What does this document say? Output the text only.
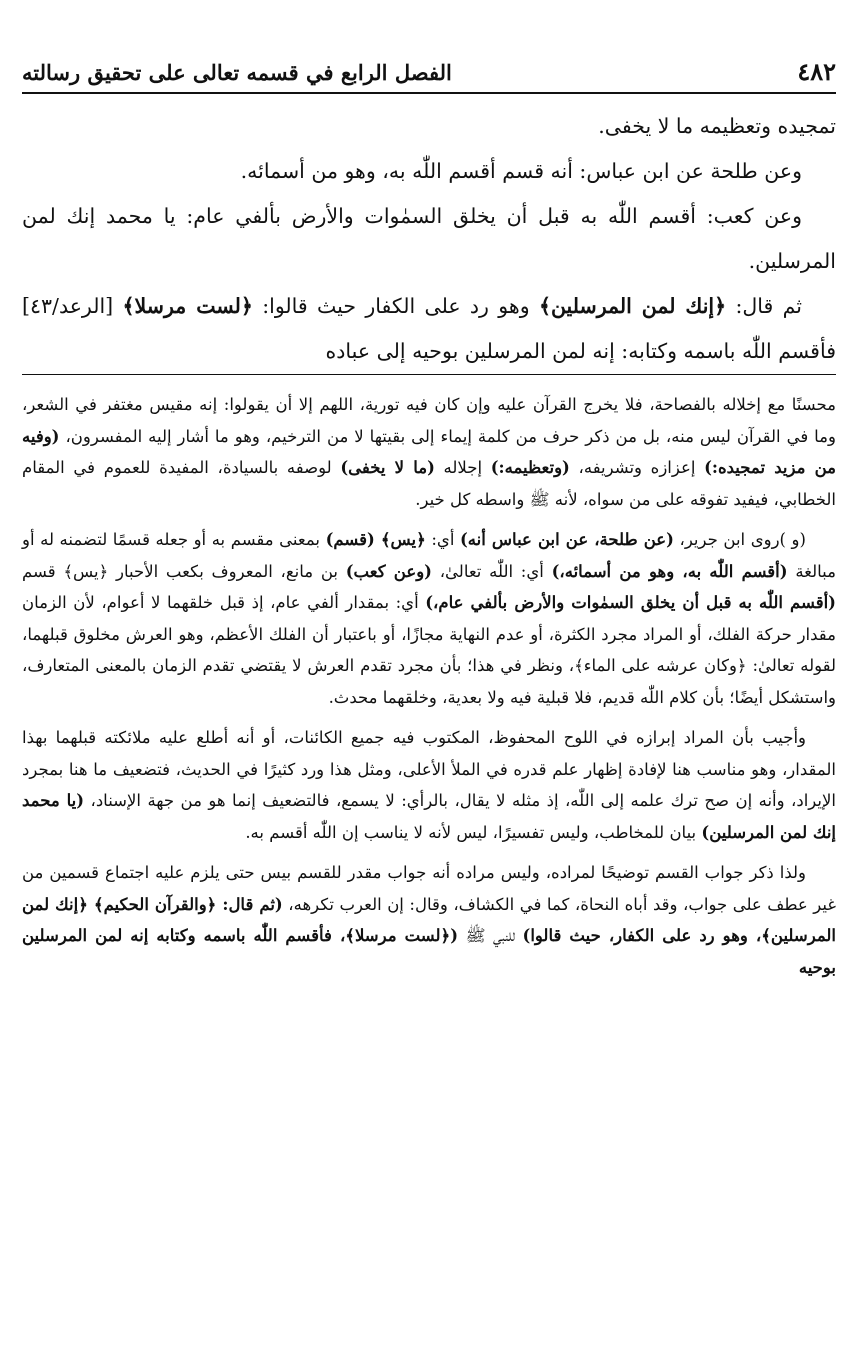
٤٨٢
الفصل الرابع في قسمه تعالى على تحقيق رسالته

تمجيده وتعظيمه ما لا يخفى.

وعن طلحة عن ابن عباس: أنه قسم أقسم اللّٰه به، وهو من أسمائه.

وعن كعب: أقسم اللّٰه به قبل أن يخلق السمٰوات والأرض بألفي عام: يا محمد إنك لمن المرسلين.

ثم قال: ﴿إنك لمن المرسلين﴾ وهو رد على الكفار حيث قالوا: ﴿لست مرسلا﴾ [الرعد/٤٣] فأقسم اللّٰه باسمه وكتابه: إنه لمن المرسلين بوحيه إلى عباده

محسنًا مع إخلاله بالفصاحة، فلا يخرج القرآن عليه وإن كان فيه تورية، اللهم إلا أن يقولوا: إنه مقيس مغتفر في الشعر، وما في القرآن ليس منه، بل من ذكر حرف من كلمة إيماء إلى بقيتها لا من الترخيم، وهو ما أشار إليه المفسرون، (وفيه من مزيد تمجيده:) إعزازه وتشريفه، (وتعظيمه:) إجلاله (ما لا يخفى) لوصفه بالسيادة، المفيدة للعموم في المقام الخطابي، فيفيد تفوقه على من سواه، لأنه ﷺ واسطه كل خير.

(و )روى ابن جرير، (عن طلحة، عن ابن عباس أنه) أي: ﴿يس﴾ (قسم) بمعنى مقسم به أو جعله قسمًا لتضمنه له أو مبالغة (أقسم اللّٰه به، وهو من أسمائه،) أي: اللّٰه تعالىٰ، (وعن كعب) بن مانع، المعروف بكعب الأحبار ﴿يس﴾ قسم (أقسم اللّٰه به قبل أن يخلق السمٰوات والأرض بألفي عام،) أي: بمقدار ألفي عام، إذ قبل خلقهما لا أعوام، لأن الزمان مقدار حركة الفلك، أو المراد مجرد الكثرة، أو عدم النهاية مجازًا، أو باعتبار أن الفلك الأعظم، وهو العرش مخلوق قبلهما، لقوله تعالىٰ: ﴿وكان عرشه على الماء﴾، ونظر في هذا؛ بأن مجرد تقدم العرش لا يقتضي تقدم الزمان بالمعنى المتعارف، واستشكل أيضًا؛ بأن كلام اللّٰه قديم، فلا قبلية فيه ولا بعدية، وخلقهما محدث.

وأجيب بأن المراد إبرازه في اللوح المحفوظ، المكتوب فيه جميع الكائنات، أو أنه أطلع عليه ملائكته قبلهما بهذا المقدار، وهو مناسب هنا لإفادة إظهار علم قدره في الملأ الأعلى، ومثل هذا ورد كثيرًا في الحديث، فتضعيف ما هنا بمجرد الإيراد، وأنه إن صح ترك علمه إلى اللّٰه، إذ مثله لا يقال، بالرأي: لا يسمع، فالتضعيف إنما هو من جهة الإسناد، (يا محمد إنك لمن المرسلين) بيان للمخاطب، وليس تفسيرًا، ليس لأنه لا يناسب إن اللّٰه أقسم به.

ولذا ذكر جواب القسم توضيحًا لمراده، وليس مراده أنه جواب مقدر للقسم بيس حتى يلزم عليه اجتماع قسمين من غير عطف على جواب، وقد أباه النحاة، كما في الكشاف، وقال: إن العرب تكرهه، (ثم قال: ﴿والقرآن الحكيم﴾ ﴿إنك لمن المرسلين﴾، وهو رد على الكفار، حيث قالوا) للنبي ﷺ (﴿لست مرسلا﴾، فأقسم اللّٰه باسمه وكتابه إنه لمن المرسلين بوحيه
